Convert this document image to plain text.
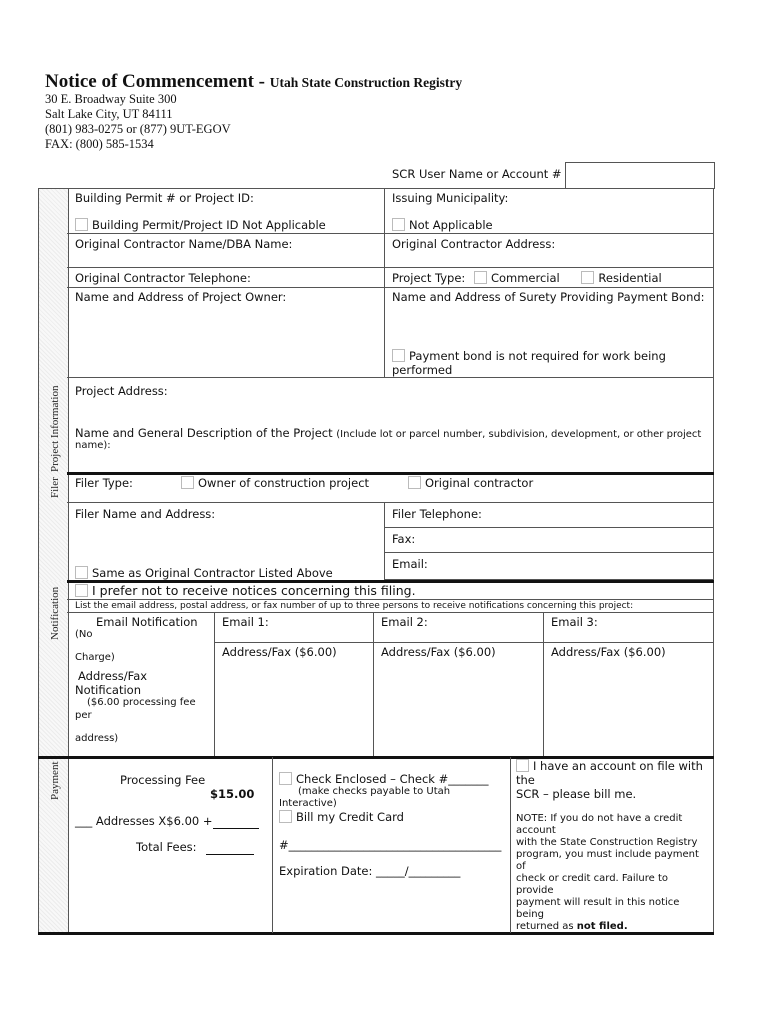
Notice of Commencement - Utah State Construction Registry
30 E. Broadway Suite 300
Salt Lake City, UT 84111
(801) 983-0275 or (877) 9UT-EGOV
FAX: (800) 585-1534
SCR User Name or Account #
Filer
Project Information
Notification
Payment
Building Permit # or Project ID:	Issuing Municipality:
Building Permit/Project ID Not Applicable	Not Applicable
Original Contractor Name/DBA Name:	Original Contractor Address:
Original Contractor Telephone:	Project Type: Commercial	Residential
Name and Address of Project Owner:	Name and Address of Surety Providing Payment Bond:
Payment bond is not required for work being
performed
Project Address:
Name and General Description of the Project (Include lot or parcel number, subdivision, development, or other project
name):
Filer Type:	Owner of construction project	Original contractor
Filer Name and Address:	Filer Telephone:
Fax:
Email:
Same as Original Contractor Listed Above
I prefer not to receive notices concerning this filing.
List the email address, postal address, or fax number of up to three persons to receive notifications concerning this project:
Email Notification
(No
Charge)
Address/Fax
Notification
($6.00 processing fee
per
address)
Email 1:	Email 2:	Email 3:
Address/Fax ($6.00)	Address/Fax ($6.00)	Address/Fax ($6.00)
Processing Fee
$15.00
___ Addresses X$6.00 +
Total Fees:
Check Enclosed – Check #_______
(make checks payable to Utah
Interactive)
Bill my Credit Card
#_____________________________________
Expiration Date: _____/_________
I have an account on file with
the
SCR – please bill me.
NOTE: If you do not have a credit
account
with the State Construction Registry
program, you must include payment
of
check or credit card. Failure to
provide
payment will result in this notice
being
returned as not filed.
